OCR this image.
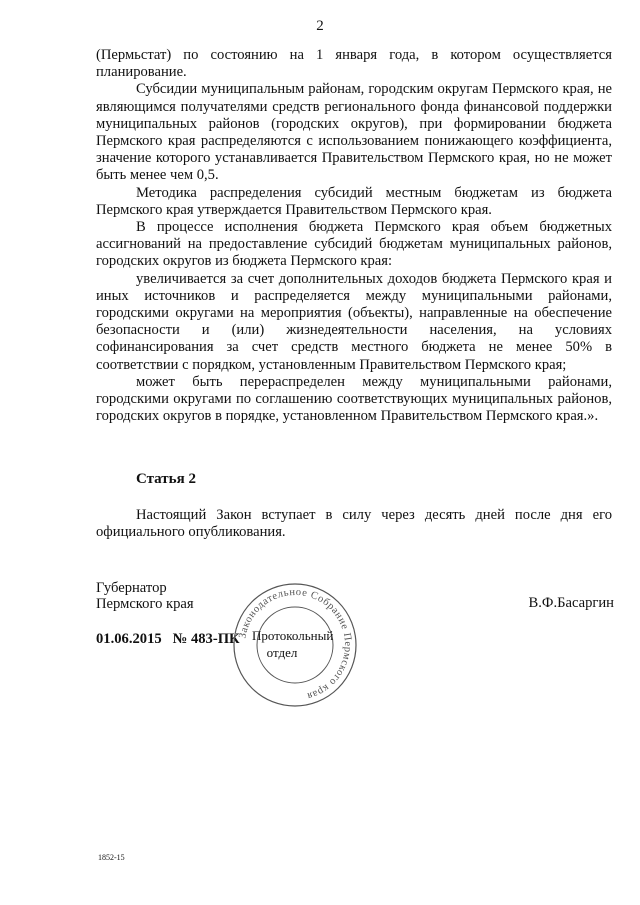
2

(Пермьстат) по состоянию на 1 января года, в котором осуществляется планирование.

Субсидии муниципальным районам, городским округам Пермского края, не являющимся получателями средств регионального фонда финансовой поддержки муниципальных районов (городских округов), при формировании бюджета Пермского края распределяются с использованием понижающего коэффициента, значение которого устанавливается Правительством Пермского края, но не может быть менее чем 0,5.

Методика распределения субсидий местным бюджетам из бюджета Пермского края утверждается Правительством Пермского края.

В процессе исполнения бюджета Пермского края объем бюджетных ассигнований на предоставление субсидий бюджетам муниципальных районов, городских округов из бюджета Пермского края:

увеличивается за счет дополнительных доходов бюджета Пермского края и иных источников и распределяется между муниципальными районами, городскими округами на мероприятия (объекты), направленные на обеспечение безопасности и (или) жизнедеятельности населения, на условиях софинансирования за счет средств местного бюджета не менее 50% в соответствии с порядком, установленным Правительством Пермского края;

может быть перераспределен между муниципальными районами, городскими округами по соглашению соответствующих муниципальных районов, городских округов в порядке, установленном Правительством Пермского края.».

Статья 2

Настоящий Закон вступает в силу через десять дней после дня его официального опубликования.

Губернатор
Пермского края	В.Ф.Басаргин
01.06.2015 № 483-ПК
Законодательное Собрание Пермского края
Протокольный
отдел
1852-15
